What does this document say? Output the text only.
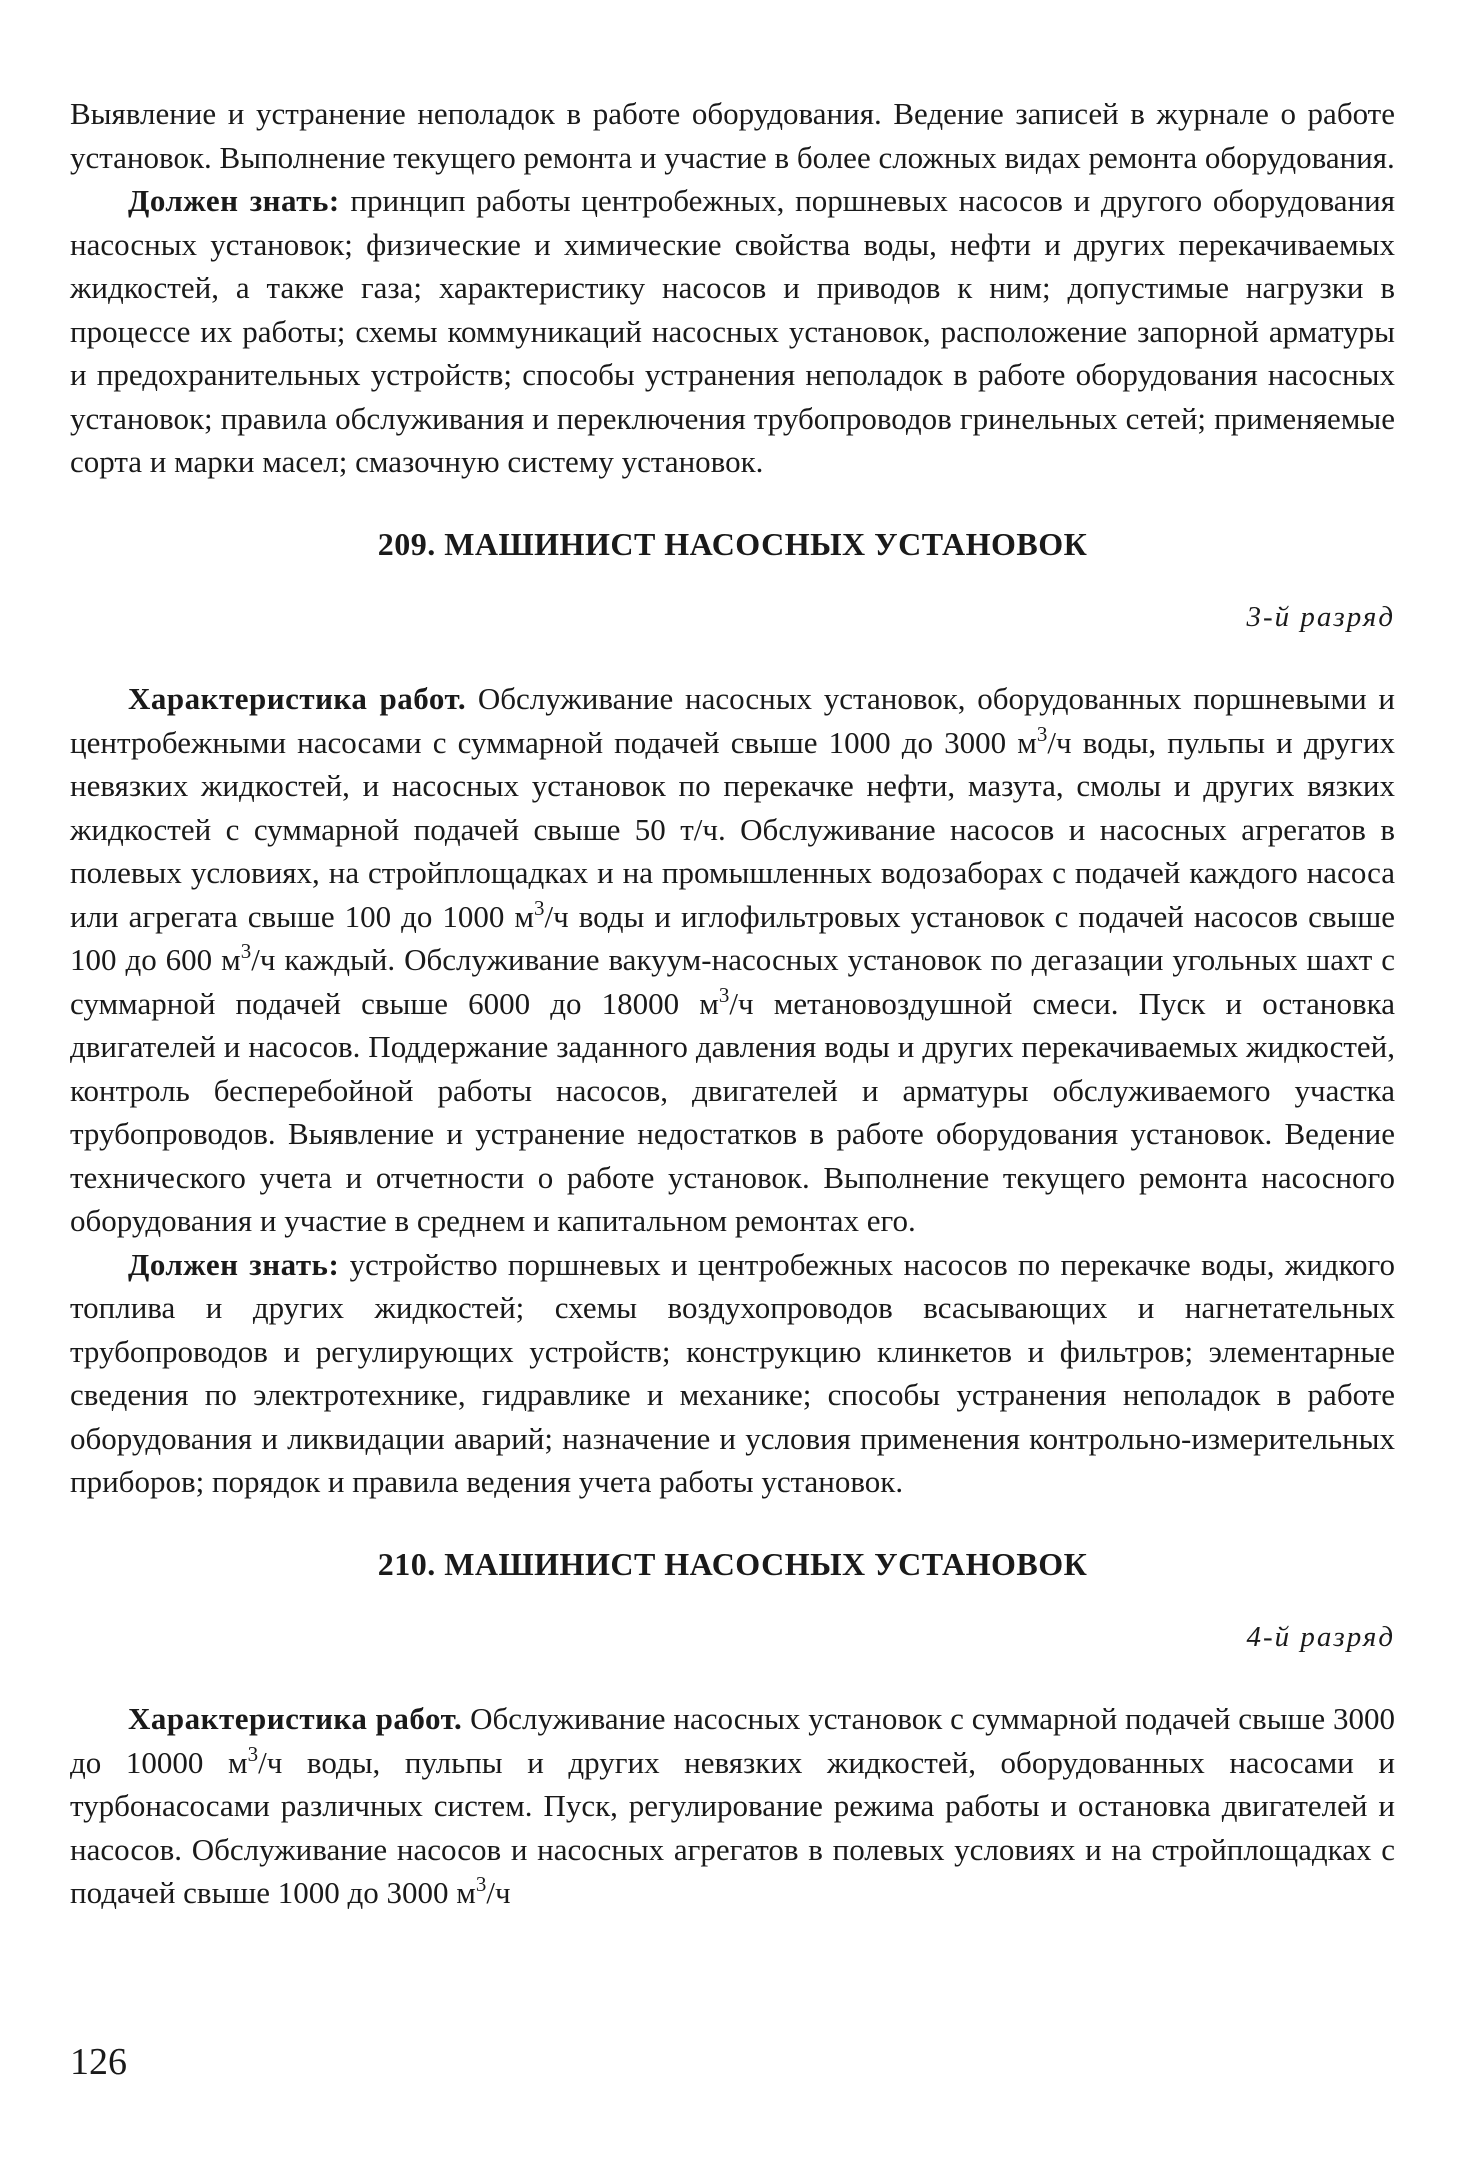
Выявление и устранение неполадок в работе оборудования. Ведение записей в журнале о работе установок. Выполнение текущего ремонта и участие в более сложных видах ремонта оборудования.

Должен знать: принцип работы центробежных, поршневых насосов и другого оборудования насосных установок; физические и химические свойства воды, нефти и других перекачиваемых жидкостей, а также газа; характеристику насосов и приводов к ним; допустимые нагрузки в процессе их работы; схемы коммуникаций насосных установок, расположение запорной арматуры и предохранительных устройств; способы устранения неполадок в работе оборудования насосных установок; правила обслуживания и переключения трубопроводов гринельных сетей; применяемые сорта и марки масел; смазочную систему установок.

209. МАШИНИСТ НАСОСНЫХ УСТАНОВОК

3-й разряд

Характеристика работ. Обслуживание насосных установок, оборудованных поршневыми и центробежными насосами с суммарной подачей свыше 1000 до 3000 $м^3/ч$ воды, пульпы и других невязких жидкостей, и насосных установок по перекачке нефти, мазута, смолы и других вязких жидкостей с суммарной подачей свыше 50 т/ч. Обслуживание насосов и насосных агрегатов в полевых условиях, на стройплощадках и на промышленных водозаборах с подачей каждого насоса или агрегата свыше 100 до 1000 $м^3/ч$ воды и иглофильтровых установок с подачей насосов свыше 100 до 600 $м^3/ч$ каждый. Обслуживание вакуум-насосных установок по дегазации угольных шахт с суммарной подачей свыше 6000 до 18000 $м^3/ч$ метановоздушной смеси. Пуск и остановка двигателей и насосов. Поддержание заданного давления воды и других перекачиваемых жидкостей, контроль бесперебойной работы насосов, двигателей и арматуры обслуживаемого участка трубопроводов. Выявление и устранение недостатков в работе оборудования установок. Ведение технического учета и отчетности о работе установок. Выполнение текущего ремонта насосного оборудования и участие в среднем и капитальном ремонтах его.

Должен знать: устройство поршневых и центробежных насосов по перекачке воды, жидкого топлива и других жидкостей; схемы воздухопроводов всасывающих и нагнетательных трубопроводов и регулирующих устройств; конструкцию клинкетов и фильтров; элементарные сведения по электротехнике, гидравлике и механике; способы устранения неполадок в работе оборудования и ликвидации аварий; назначение и условия применения контрольно-измерительных приборов; порядок и правила ведения учета работы установок.

210. МАШИНИСТ НАСОСНЫХ УСТАНОВОК

4-й разряд

Характеристика работ. Обслуживание насосных установок с суммарной подачей свыше 3000 до 10000 $м^3/ч$ воды, пульпы и других невязких жидкостей, оборудованных насосами и турбонасосами различных систем. Пуск, регулирование режима работы и остановка двигателей и насосов. Обслуживание насосов и насосных агрегатов в полевых условиях и на стройплощадках с подачей свыше 1000 до 3000 $м^3/ч$

126
